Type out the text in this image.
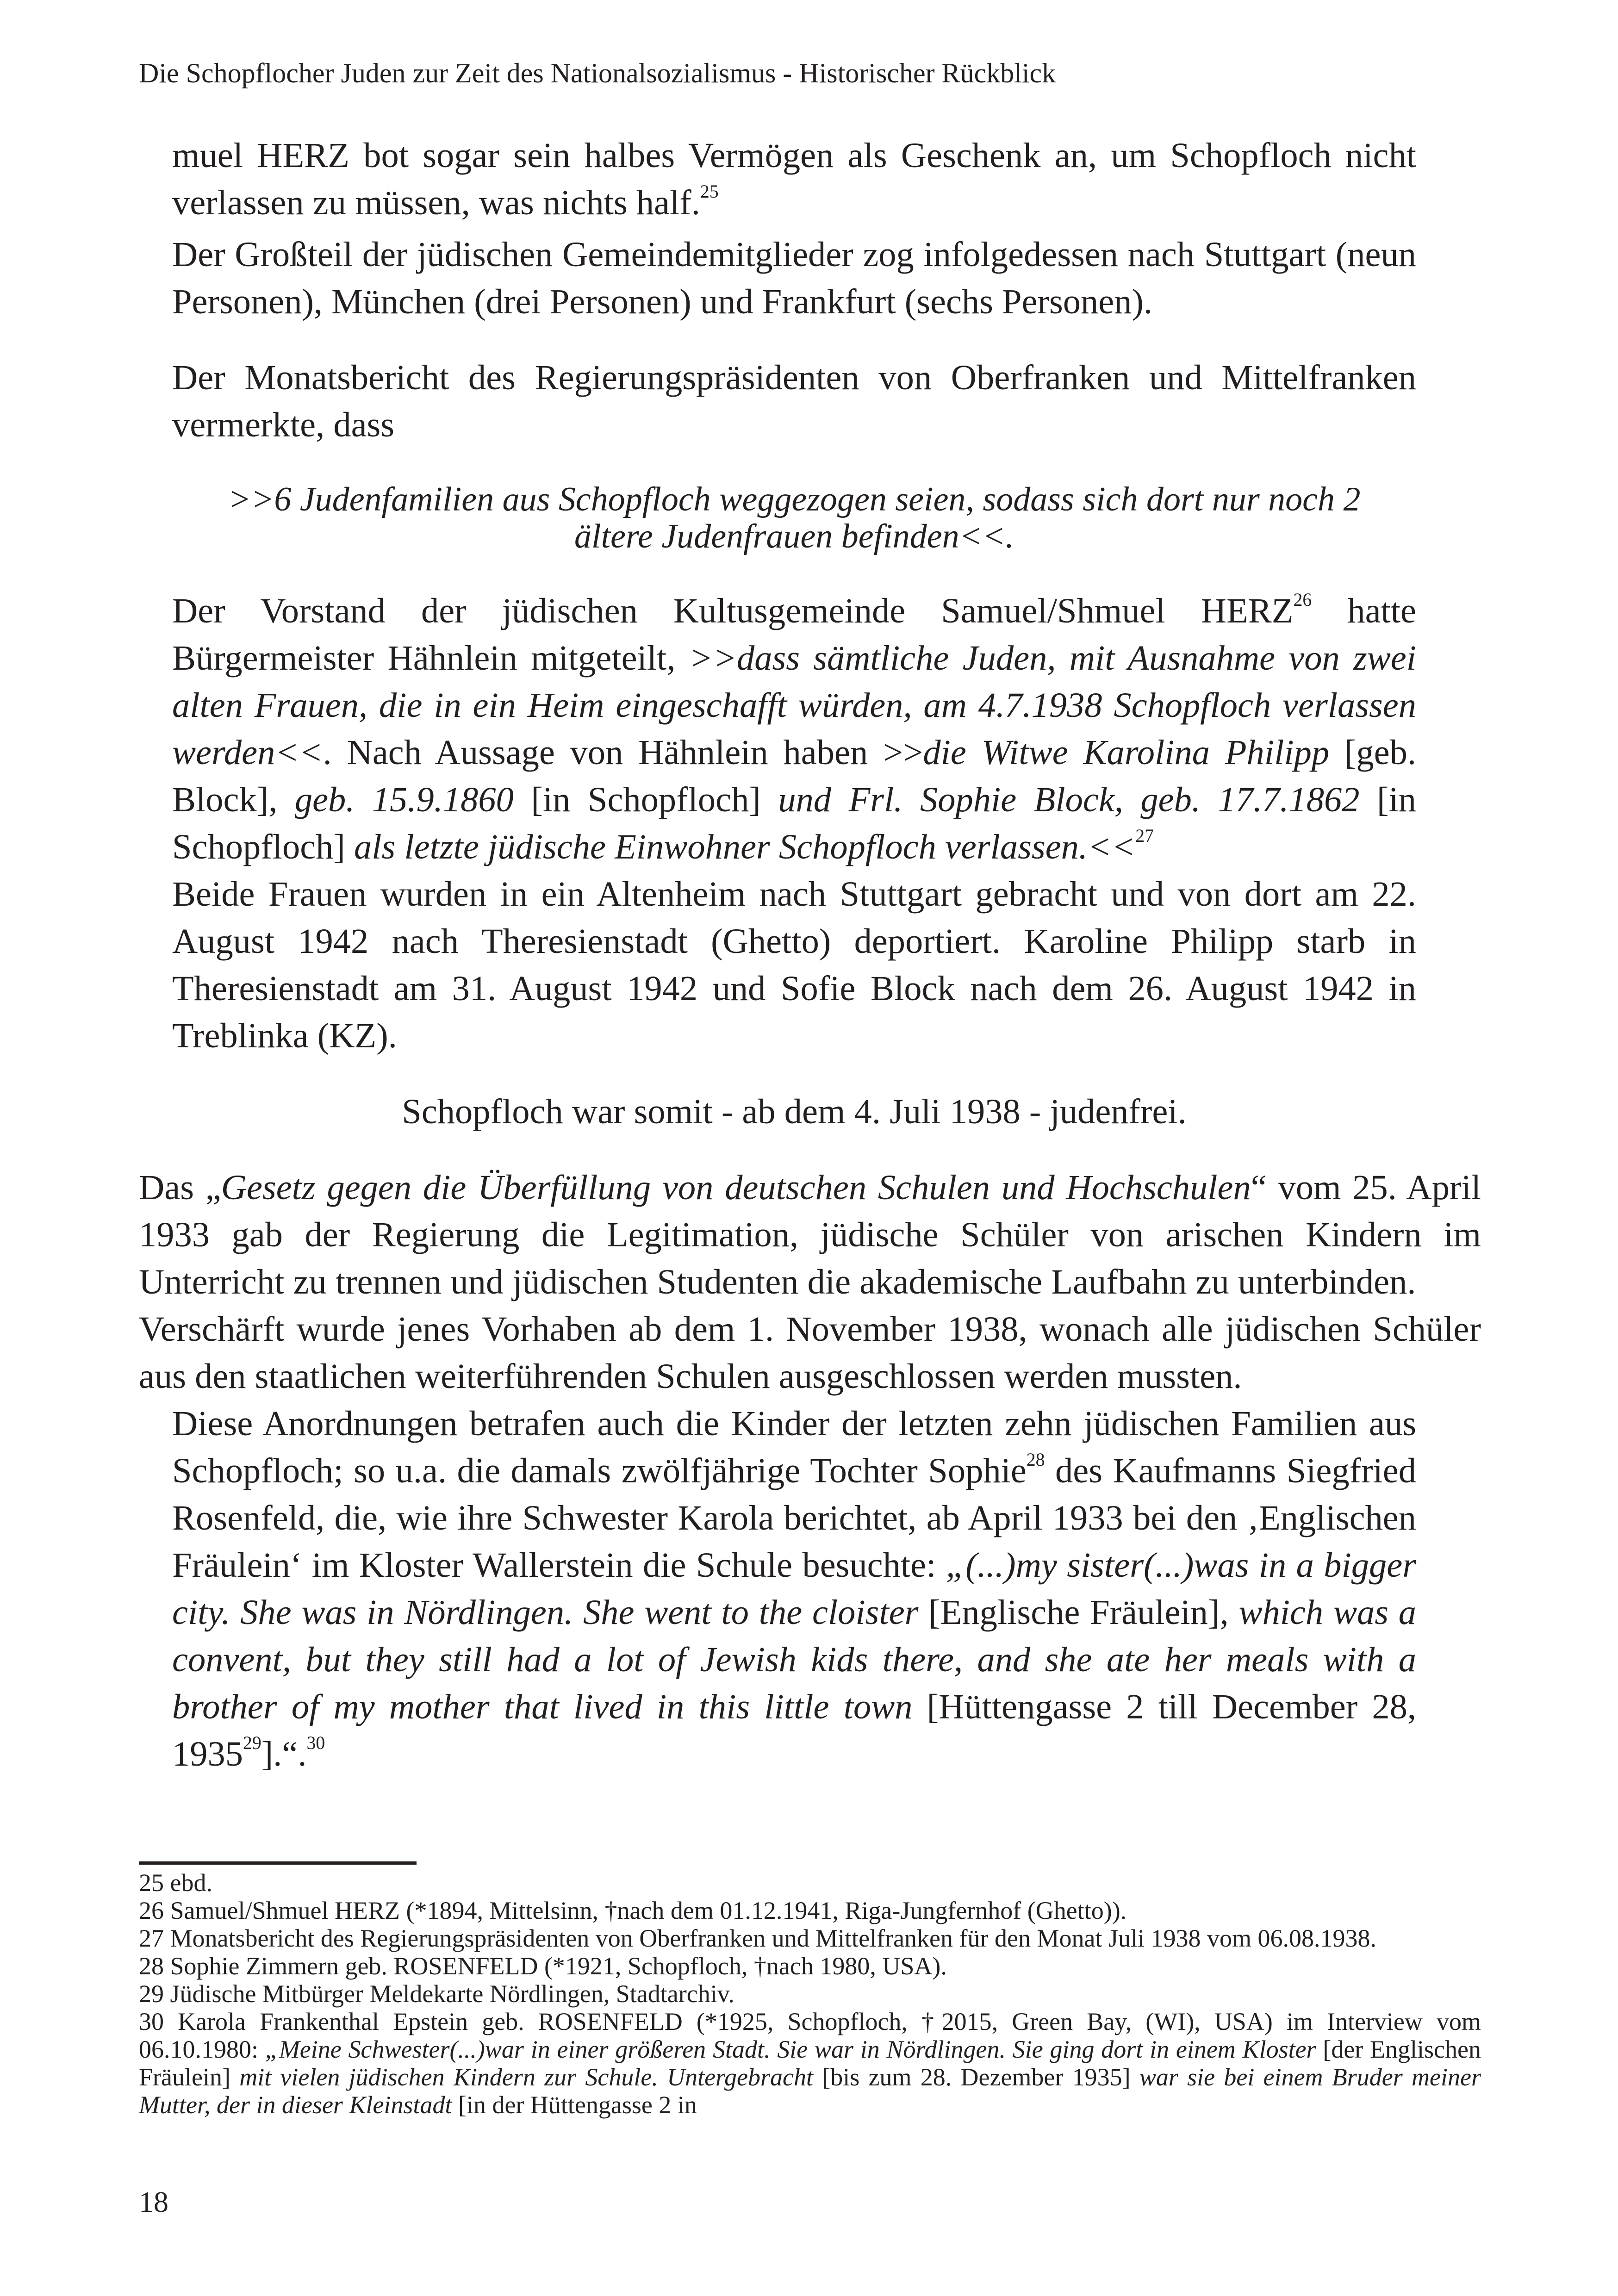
Die Schopflocher Juden zur Zeit des Nationalsozialismus - Historischer Rückblick

muel HERZ bot sogar sein halbes Vermögen als Geschenk an, um Schopfloch nicht verlassen zu müssen, was nichts half.$^{25}$

Der Großteil der jüdischen Gemeindemitglieder zog infolgedessen nach Stuttgart (neun Personen), München (drei Personen) und Frankfurt (sechs Personen).

Der Monatsbericht des Regierungspräsidenten von Oberfranken und Mittelfranken vermerkte, dass

>>6 Judenfamilien aus Schopfloch weggezogen seien, sodass sich dort nur noch 2
ältere Judenfrauen befinden<<.

Der Vorstand der jüdischen Kultusgemeinde Samuel/Shmuel HERZ$^{26}$ hatte Bürgermeister Hähnlein mitgeteilt, >>dass sämtliche Juden, mit Ausnahme von zwei alten Frauen, die in ein Heim eingeschafft würden, am 4.7.1938 Schopfloch verlassen werden<<. Nach Aussage von Hähnlein haben >>die Witwe Karolina Philipp [geb. Block], geb. 15.9.1860 [in Schopfloch] und Frl. Sophie Block, geb. 17.7.1862 [in Schopfloch] als letzte jüdische Einwohner Schopfloch verlassen.<<$^{27}$

Beide Frauen wurden in ein Altenheim nach Stuttgart gebracht und von dort am 22. August 1942 nach Theresienstadt (Ghetto) deportiert. Karoline Philipp starb in Theresienstadt am 31. August 1942 und Sofie Block nach dem 26. August 1942 in Treblinka (KZ).

Schopfloch war somit - ab dem 4. Juli 1938 - judenfrei.

Das „Gesetz gegen die Überfüllung von deutschen Schulen und Hochschulen“ vom 25. April 1933 gab der Regierung die Legitimation, jüdische Schüler von arischen Kindern im Unterricht zu trennen und jüdischen Studenten die akademische Laufbahn zu unterbinden.

Verschärft wurde jenes Vorhaben ab dem 1. November 1938, wonach alle jüdischen Schüler aus den staatlichen weiterführenden Schulen ausgeschlossen werden mussten.

Diese Anordnungen betrafen auch die Kinder der letzten zehn jüdischen Familien aus Schopfloch; so u.a. die damals zwölfjährige Tochter Sophie$^{28}$ des Kaufmanns Siegfried Rosenfeld, die, wie ihre Schwester Karola berichtet, ab April 1933 bei den ‚Englischen Fräulein‘ im Kloster Wallerstein die Schule besuchte: „(...)my sister(...)was in a bigger city. She was in Nördlingen. She went to the cloister [Englische Fräulein], which was a convent, but they still had a lot of Jewish kids there, and she ate her meals with a brother of my mother that lived in this little town [Hüttengasse 2 till December 28, 1935$^{29}$].“.$^{30}$

25 ebd.

26 Samuel/Shmuel HERZ (*1894, Mittelsinn, †nach dem 01.12.1941, Riga-Jungfernhof (Ghetto)).

27 Monatsbericht des Regierungspräsidenten von Oberfranken und Mittelfranken für den Monat Juli 1938 vom 06.08.1938.

28 Sophie Zimmern geb. ROSENFELD (*1921, Schopfloch, †nach 1980, USA).

29 Jüdische Mitbürger Meldekarte Nördlingen, Stadtarchiv.

30 Karola Frankenthal Epstein geb. ROSENFELD (*1925, Schopfloch, †2015, Green Bay, (WI), USA) im Interview vom 06.10.1980: „Meine Schwester(...)war in einer größeren Stadt. Sie war in Nördlingen. Sie ging dort in einem Kloster [der Englischen Fräulein] mit vielen jüdischen Kindern zur Schule. Untergebracht [bis zum 28. Dezember 1935] war sie bei einem Bruder meiner Mutter, der in dieser Kleinstadt [in der Hüttengasse 2 in

18
